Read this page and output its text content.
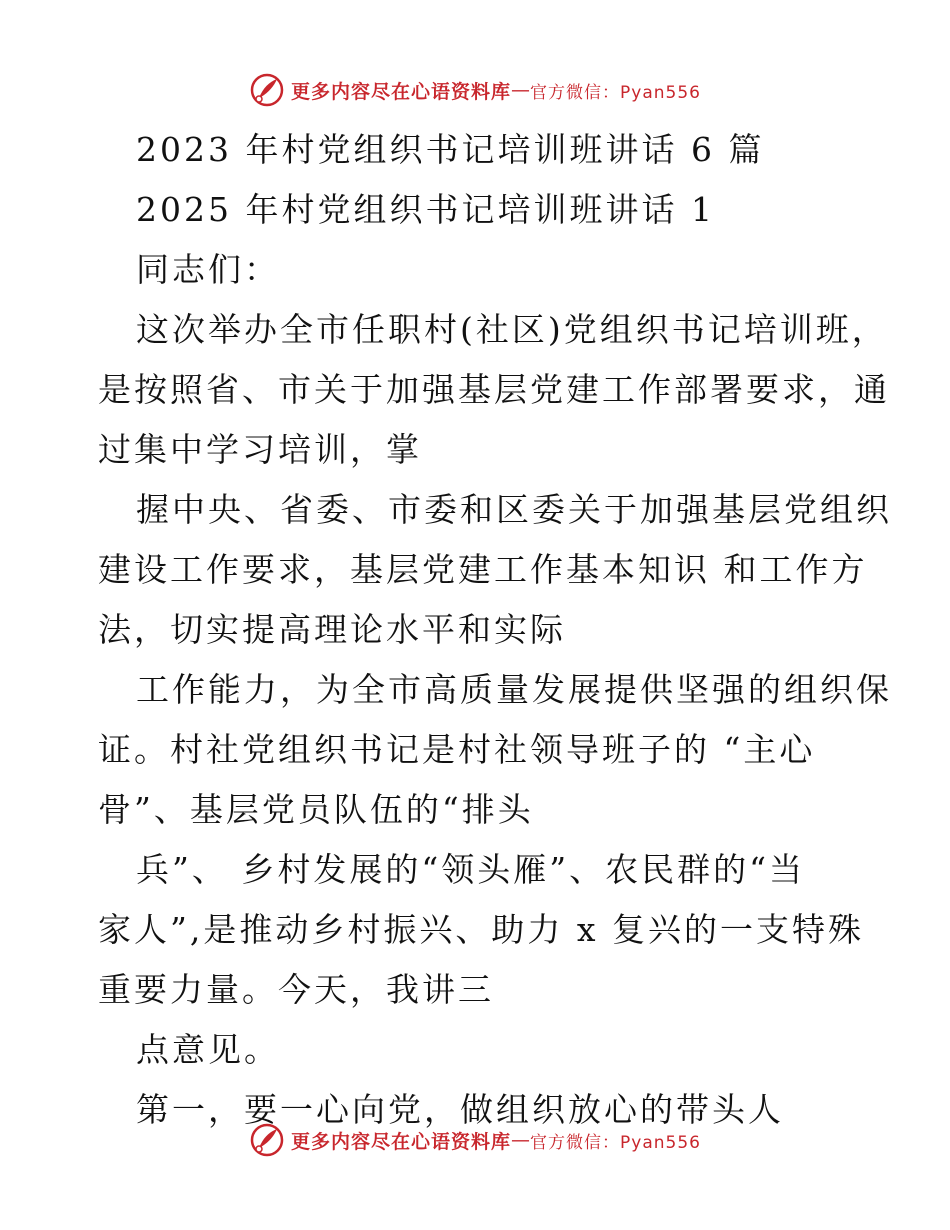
更多内容尽在心语资料库 — 官方微信：Pyan556

2023 年村党组织书记培训班讲话 6 篇

2025 年村党组织书记培训班讲话 1

同志们：

这次举办全市任职村(社区)党组织书记培训班，

是按照省、市关于加强基层党建工作部署要求，通

过集中学习培训，掌

握中央、省委、市委和区委关于加强基层党组织

建设工作要求，基层党建工作基本知识 和工作方

法，切实提高理论水平和实际

工作能力，为全市高质量发展提供坚强的组织保

证。村社党组织书记是村社领导班子的 “主心

骨”、基层党员队伍的“排头

兵”、 乡村发展的“领头雁”、农民群的“当

家人”,是推动乡村振兴、助力 x 复兴的一支特殊

重要力量。今天，我讲三

点意见。

第一，要一心向党，做组织放心的带头人

更多内容尽在心语资料库 — 官方微信：Pyan556
